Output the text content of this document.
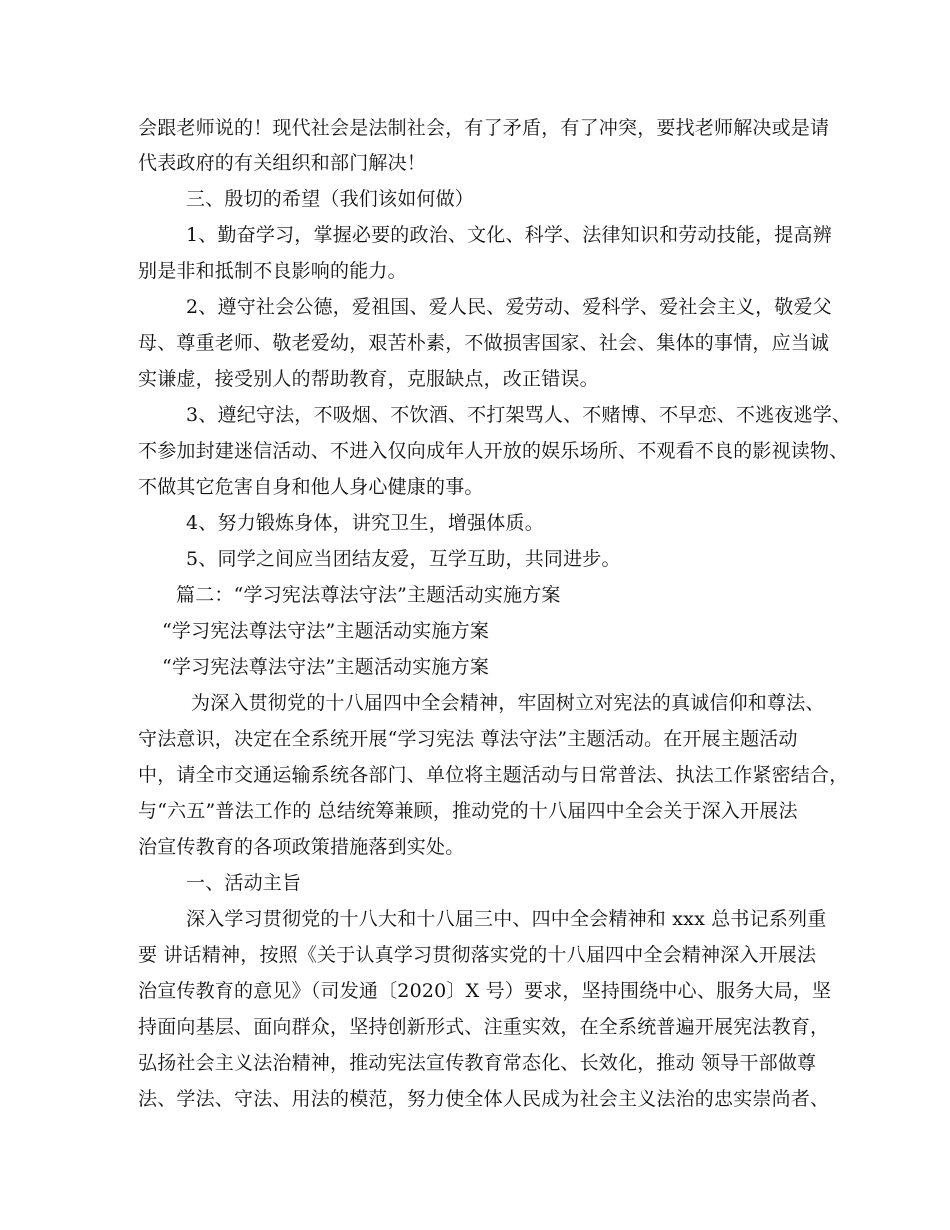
会跟老师说的！现代社会是法制社会，有了矛盾，有了冲突，要找老师解决或是请
代表政府的有关组织和部门解决！
三、殷切的希望（我们该如何做）
1、勤奋学习，掌握必要的政治、文化、科学、法律知识和劳动技能，提高辨
别是非和抵制不良影响的能力。
2、遵守社会公德，爱祖国、爱人民、爱劳动、爱科学、爱社会主义，敬爱父
母、尊重老师、敬老爱幼，艰苦朴素，不做损害国家、社会、集体的事情，应当诚
实谦虚，接受别人的帮助教育，克服缺点，改正错误。
3、遵纪守法，不吸烟、不饮酒、不打架骂人、不赌博、不早恋、不逃夜逃学、
不参加封建迷信活动、不进入仅向成年人开放的娱乐场所、不观看不良的影视读物、
不做其它危害自身和他人身心健康的事。
4、努力锻炼身体，讲究卫生，增强体质。
5、同学之间应当团结友爱，互学互助，共同进步。
篇二：“学习宪法尊法守法”主题活动实施方案
“学习宪法尊法守法”主题活动实施方案
“学习宪法尊法守法”主题活动实施方案
为深入贯彻党的十八届四中全会精神，牢固树立对宪法的真诚信仰和尊法、
守法意识，决定在全系统开展“学习宪法 尊法守法”主题活动。在开展主题活动
中，请全市交通运输系统各部门、单位将主题活动与日常普法、执法工作紧密结合，
与“六五”普法工作的 总结统筹兼顾，推动党的十八届四中全会关于深入开展法
治宣传教育的各项政策措施落到实处。
一、活动主旨
深入学习贯彻党的十八大和十八届三中、四中全会精神和 xxx 总书记系列重
要 讲话精神，按照《关于认真学习贯彻落实党的十八届四中全会精神深入开展法
治宣传教育的意见》（司发通〔2020〕X 号）要求，坚持围绕中心、服务大局，坚
持面向基层、面向群众，坚持创新形式、注重实效，在全系统普遍开展宪法教育，
弘扬社会主义法治精神，推动宪法宣传教育常态化、长效化，推动 领导干部做尊
法、学法、守法、用法的模范，努力使全体人民成为社会主义法治的忠实崇尚者、
